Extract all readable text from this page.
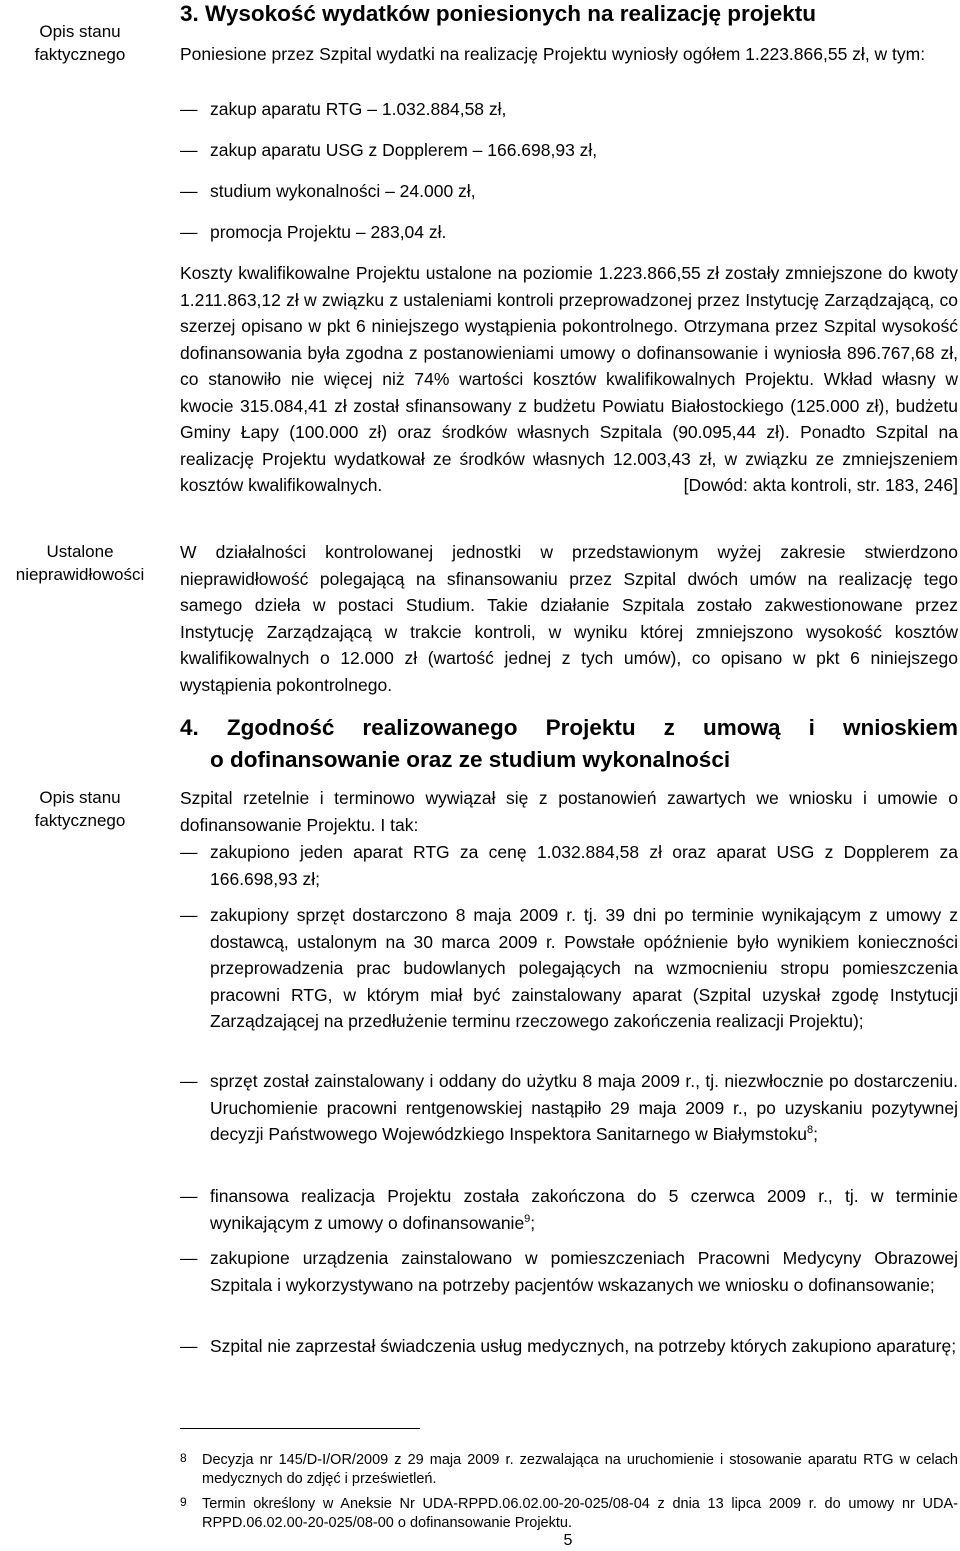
Opis stanu faktycznego
Ustalone nieprawidłowości
Opis stanu faktycznego
3. Wysokość wydatków poniesionych na realizację projektu
Poniesione przez Szpital wydatki na realizację Projektu wyniosły ogółem 1.223.866,55 zł, w tym:
— zakup aparatu RTG – 1.032.884,58 zł,
— zakup aparatu USG z Dopplerem – 166.698,93 zł,
— studium wykonalności – 24.000 zł,
— promocja Projektu – 283,04 zł.
Koszty kwalifikowalne Projektu ustalone na poziomie 1.223.866,55 zł zostały zmniejszone do kwoty 1.211.863,12 zł w związku z ustaleniami kontroli przeprowadzonej przez Instytucję Zarządzającą, co szerzej opisano w pkt 6 niniejszego wystąpienia pokontrolnego. Otrzymana przez Szpital wysokość dofinansowania była zgodna z postanowieniami umowy o dofinansowanie i wyniosła 896.767,68 zł, co stanowiło nie więcej niż 74% wartości kosztów kwalifikowalnych Projektu. Wkład własny w kwocie 315.084,41 zł został sfinansowany z budżetu Powiatu Białostockiego (125.000 zł), budżetu Gminy Łapy (100.000 zł) oraz środków własnych Szpitala (90.095,44 zł). Ponadto Szpital na realizację Projektu wydatkował ze środków własnych 12.003,43 zł, w związku ze zmniejszeniem kosztów kwalifikowalnych.	[Dowód: akta kontroli, str. 183, 246]
W działalności kontrolowanej jednostki w przedstawionym wyżej zakresie stwierdzono nieprawidłowość polegającą na sfinansowaniu przez Szpital dwóch umów na realizację tego samego dzieła w postaci Studium. Takie działanie Szpitala zostało zakwestionowane przez Instytucję Zarządzającą w trakcie kontroli, w wyniku której zmniejszono wysokość kosztów kwalifikowalnych o 12.000 zł (wartość jednej z tych umów), co opisano w pkt 6 niniejszego wystąpienia pokontrolnego.
4. Zgodność realizowanego Projektu z umową i wnioskiem
o dofinansowanie oraz ze studium wykonalności
Szpital rzetelnie i terminowo wywiązał się z postanowień zawartych we wniosku i umowie o dofinansowanie Projektu. I tak:
— zakupiono jeden aparat RTG za cenę 1.032.884,58 zł oraz aparat USG z Dopplerem za 166.698,93 zł;
— zakupiony sprzęt dostarczono 8 maja 2009 r. tj. 39 dni po terminie wynikającym z umowy z dostawcą, ustalonym na 30 marca 2009 r. Powstałe opóźnienie było wynikiem konieczności przeprowadzenia prac budowlanych polegających na wzmocnieniu stropu pomieszczenia pracowni RTG, w którym miał być zainstalowany aparat (Szpital uzyskał zgodę Instytucji Zarządzającej na przedłużenie terminu rzeczowego zakończenia realizacji Projektu);
— sprzęt został zainstalowany i oddany do użytku 8 maja 2009 r., tj. niezwłocznie po dostarczeniu. Uruchomienie pracowni rentgenowskiej nastąpiło 29 maja 2009 r., po uzyskaniu pozytywnej decyzji Państwowego Wojewódzkiego Inspektora Sanitarnego w Białymstoku$^8$;
— finansowa realizacja Projektu została zakończona do 5 czerwca 2009 r., tj. w terminie wynikającym z umowy o dofinansowanie$^9$;
— zakupione urządzenia zainstalowano w pomieszczeniach Pracowni Medycyny Obrazowej Szpitala i wykorzystywano na potrzeby pacjentów wskazanych we wniosku o dofinansowanie;
— Szpital nie zaprzestał świadczenia usług medycznych, na potrzeby których zakupiono aparaturę;
8 Decyzja nr 145/D-I/OR/2009 z 29 maja 2009 r. zezwalająca na uruchomienie i stosowanie aparatu RTG w celach medycznych do zdjęć i prześwietleń.
9 Termin określony w Aneksie Nr UDA-RPPD.06.02.00-20-025/08-04 z dnia 13 lipca 2009 r. do umowy nr UDA-RPPD.06.02.00-20-025/08-00 o dofinansowanie Projektu.
5
